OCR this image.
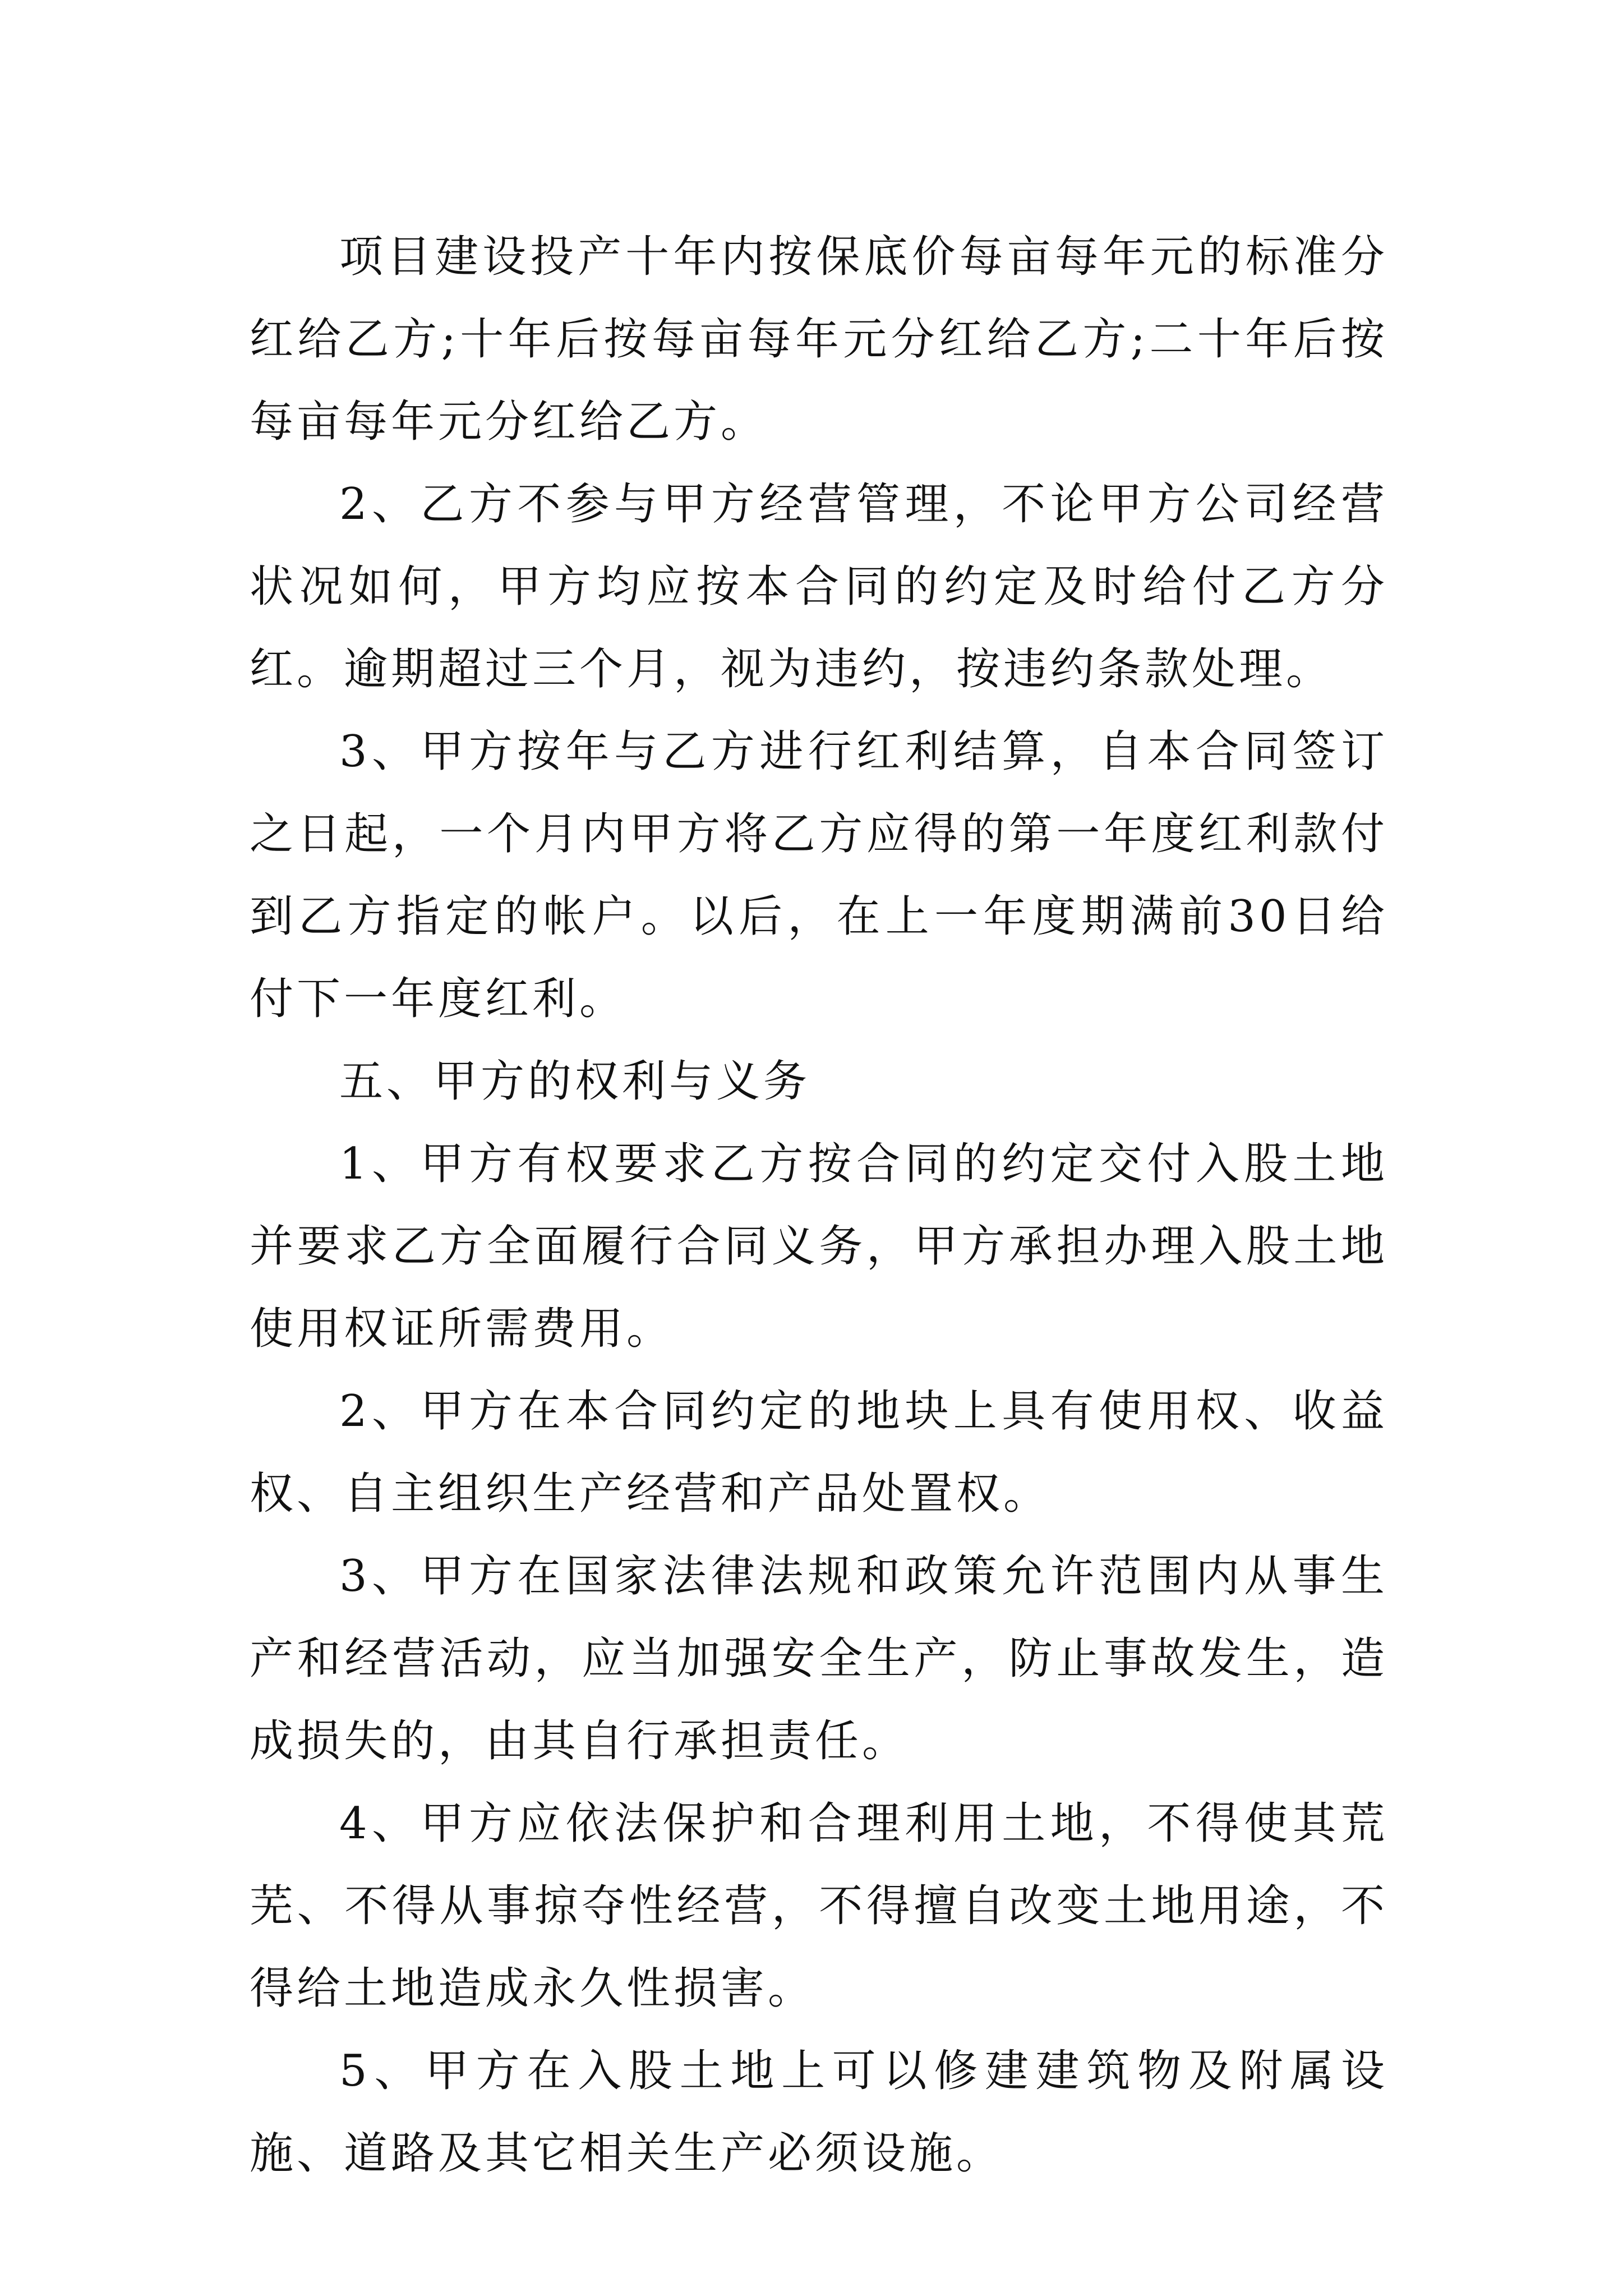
项目建设投产十年内按保底价每亩每年元的标准分红给乙方;十年后按每亩每年元分红给乙方;二十年后按每亩每年元分红给乙方。

2、乙方不参与甲方经营管理，不论甲方公司经营状况如何，甲方均应按本合同的约定及时给付乙方分红。逾期超过三个月，视为违约，按违约条款处理。

3、甲方按年与乙方进行红利结算，自本合同签订之日起，一个月内甲方将乙方应得的第一年度红利款付到乙方指定的帐户。以后，在上一年度期满前30日给付下一年度红利。

五、甲方的权利与义务

1、甲方有权要求乙方按合同的约定交付入股土地并要求乙方全面履行合同义务，甲方承担办理入股土地使用权证所需费用。

2、甲方在本合同约定的地块上具有使用权、收益权、自主组织生产经营和产品处置权。

3、甲方在国家法律法规和政策允许范围内从事生产和经营活动，应当加强安全生产，防止事故发生，造成损失的，由其自行承担责任。

4、甲方应依法保护和合理利用土地，不得使其荒芜、不得从事掠夺性经营，不得擅自改变土地用途，不得给土地造成永久性损害。

5、甲方在入股土地上可以修建建筑物及附属设施、道路及其它相关生产必须设施。
